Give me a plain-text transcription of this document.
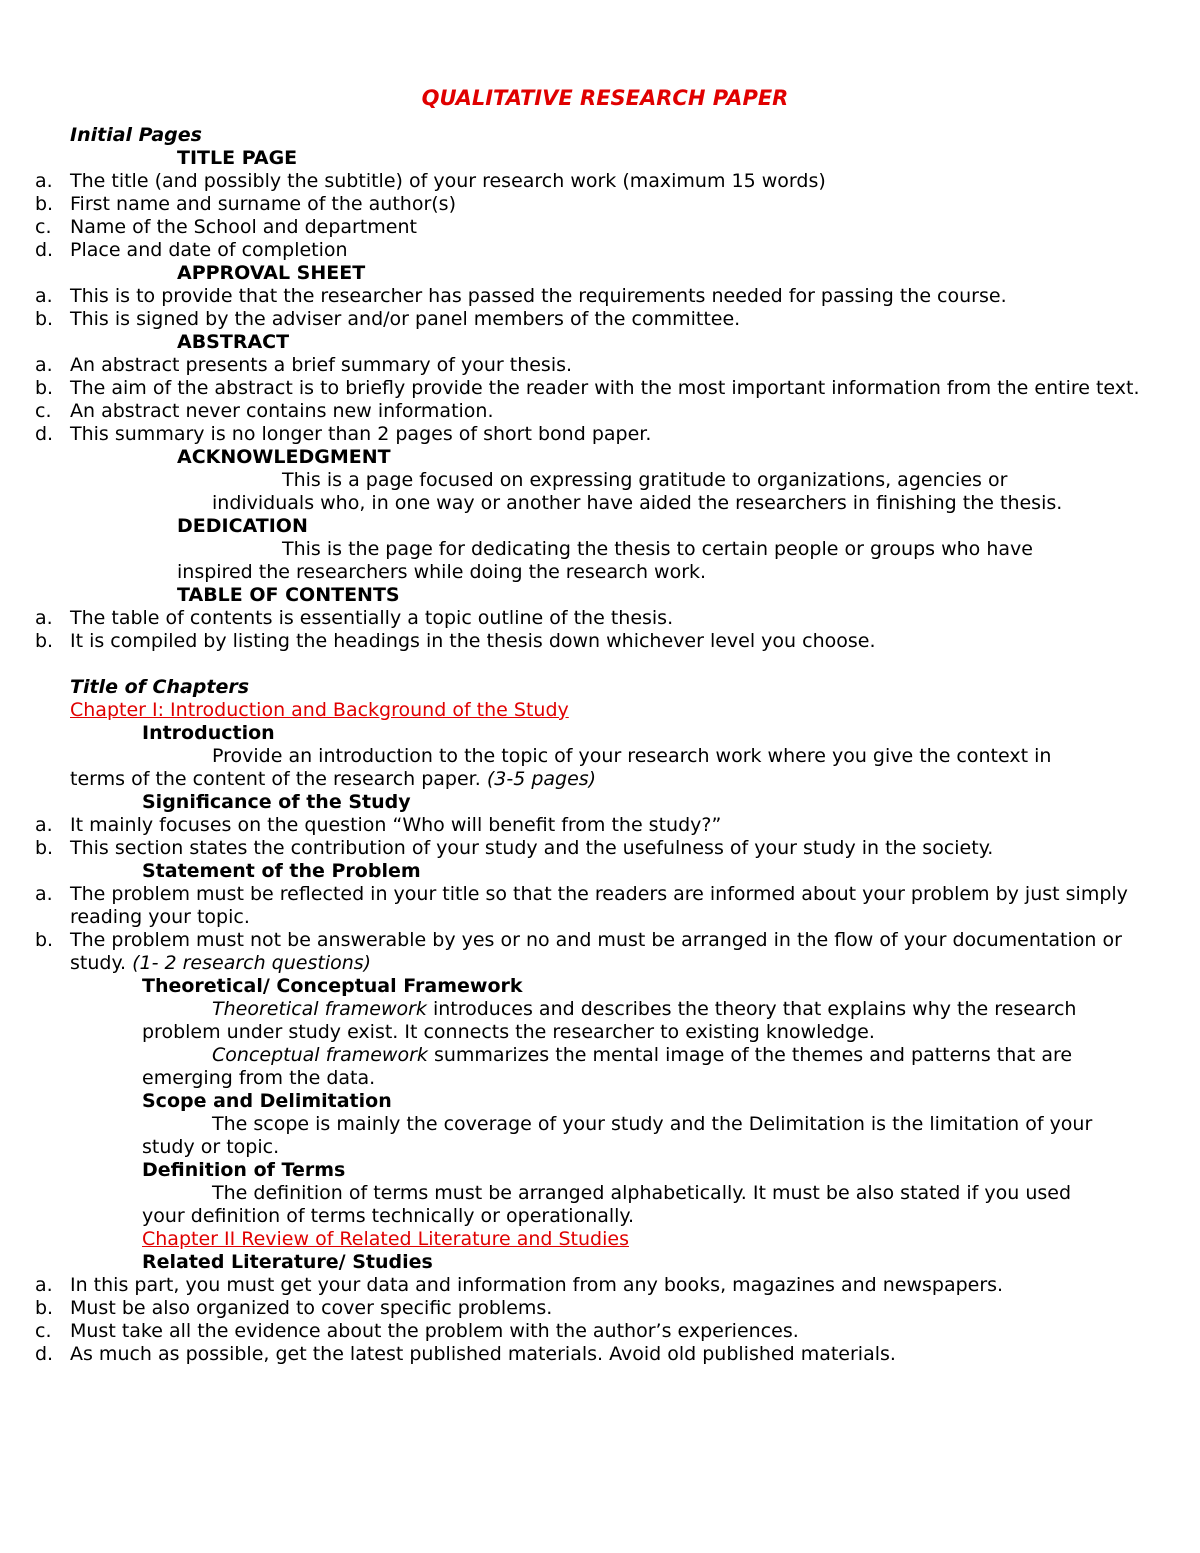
QUALITATIVE RESEARCH PAPER

Initial Pages

TITLE PAGE

a. The title (and possibly the subtitle) of your research work (maximum 15 words)
b. First name and surname of the author(s)
c. Name of the School and department
d. Place and date of completion

APPROVAL SHEET

a. This is to provide that the researcher has passed the requirements needed for passing the course.
b. This is signed by the adviser and/or panel members of the committee.

ABSTRACT

a. An abstract presents a brief summary of your thesis.
b. The aim of the abstract is to briefly provide the reader with the most important information from the entire text.
c. An abstract never contains new information.
d. This summary is no longer than 2 pages of short bond paper.

ACKNOWLEDGMENT

This is a page focused on expressing gratitude to organizations, agencies or

individuals who, in one way or another have aided the researchers in finishing the thesis.

DEDICATION

This is the page for dedicating the thesis to certain people or groups who have

inspired the researchers while doing the research work.

TABLE OF CONTENTS

a. The table of contents is essentially a topic outline of the thesis.
b. It is compiled by listing the headings in the thesis down whichever level you choose.

Title of Chapters

Chapter I: Introduction and Background of the Study

Introduction

Provide an introduction to the topic of your research work where you give the context in

terms of the content of the research paper. (3-5 pages)

Significance of the Study

a. It mainly focuses on the question “Who will benefit from the study?”
b. This section states the contribution of your study and the usefulness of your study in the society.

Statement of the Problem

a. The problem must be reflected in your title so that the readers are informed about your problem by just simply reading your topic.
b. The problem must not be answerable by yes or no and must be arranged in the flow of your documentation or study. (1- 2 research questions)

Theoretical/ Conceptual Framework

Theoretical framework introduces and describes the theory that explains why the research

problem under study exist. It connects the researcher to existing knowledge.

Conceptual framework summarizes the mental image of the themes and patterns that are

emerging from the data.

Scope and Delimitation

The scope is mainly the coverage of your study and the Delimitation is the limitation of your

study or topic.

Definition of Terms

The definition of terms must be arranged alphabetically. It must be also stated if you used

your definition of terms technically or operationally.

Chapter II Review of Related Literature and Studies

Related Literature/ Studies

a. In this part, you must get your data and information from any books, magazines and newspapers.
b. Must be also organized to cover specific problems.
c. Must take all the evidence about the problem with the author’s experiences.
d. As much as possible, get the latest published materials. Avoid old published materials.
